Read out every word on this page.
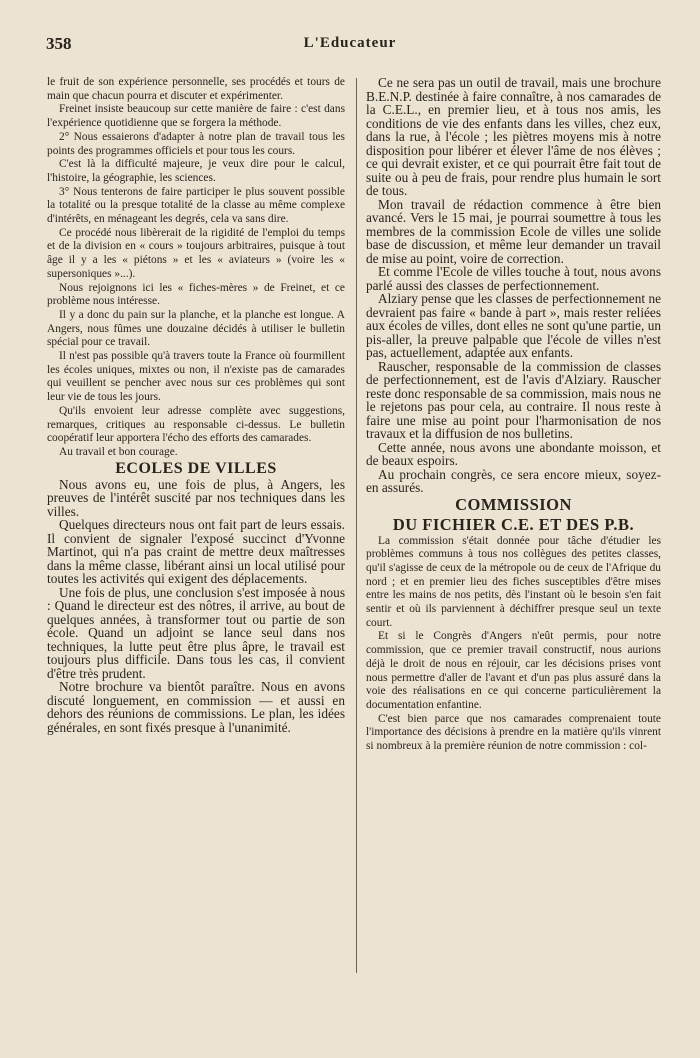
358	L'Educateur

le fruit de son expérience personnelle, ses procédés et tours de main que chacun pourra et discuter et expérimenter.

Freinet insiste beaucoup sur cette manière de faire : c'est dans l'expérience quotidienne que se forgera la méthode.

2° Nous essaierons d'adapter à notre plan de travail tous les points des programmes officiels et pour tous les cours.

C'est là la difficulté majeure, je veux dire pour le calcul, l'histoire, la géographie, les sciences.

3° Nous tenterons de faire participer le plus souvent possible la totalité ou la presque totalité de la classe au même complexe d'intérêts, en ménageant les degrés, cela va sans dire.

Ce procédé nous libèrerait de la rigidité de l'emploi du temps et de la division en « cours » toujours arbitraires, puisque à tout âge il y a les « piétons » et les « aviateurs » (voire les « supersoniques »...).

Nous rejoignons ici les « fiches-mères » de Freinet, et ce problème nous intéresse.

Il y a donc du pain sur la planche, et la planche est longue. A Angers, nous fûmes une douzaine décidés à utiliser le bulletin spécial pour ce travail.

Il n'est pas possible qu'à travers toute la France où fourmillent les écoles uniques, mixtes ou non, il n'existe pas de camarades qui veuillent se pencher avec nous sur ces problèmes qui sont leur vie de tous les jours.

Qu'ils envoient leur adresse complète avec suggestions, remarques, critiques au responsable ci-dessus. Le bulletin coopératif leur apportera l'écho des efforts des camarades.

Au travail et bon courage.

ECOLES DE VILLES

Nous avons eu, une fois de plus, à Angers, les preuves de l'intérêt suscité par nos techniques dans les villes.

Quelques directeurs nous ont fait part de leurs essais. Il convient de signaler l'exposé succinct d'Yvonne Martinot, qui n'a pas craint de mettre deux maîtresses dans la même classe, libérant ainsi un local utilisé pour toutes les activités qui exigent des déplacements.

Une fois de plus, une conclusion s'est imposée à nous : Quand le directeur est des nôtres, il arrive, au bout de quelques années, à transformer tout ou partie de son école. Quand un adjoint se lance seul dans nos techniques, la lutte peut être plus âpre, le travail est toujours plus difficile. Dans tous les cas, il convient d'être très prudent.

Notre brochure va bientôt paraître. Nous en avons discuté longuement, en commission — et aussi en dehors des réunions de commissions. Le plan, les idées générales, en sont fixés presque à l'unanimité.

Ce ne sera pas un outil de travail, mais une brochure B.E.N.P. destinée à faire connaître, à nos camarades de la C.E.L., en premier lieu, et à tous nos amis, les conditions de vie des enfants dans les villes, chez eux, dans la rue, à l'école ; les piètres moyens mis à notre disposition pour libérer et élever l'âme de nos élèves ; ce qui devrait exister, et ce qui pourrait être fait tout de suite ou à peu de frais, pour rendre plus humain le sort de tous.

Mon travail de rédaction commence à être bien avancé. Vers le 15 mai, je pourrai soumettre à tous les membres de la commission Ecole de villes une solide base de discussion, et même leur demander un travail de mise au point, voire de correction.

Et comme l'Ecole de villes touche à tout, nous avons parlé aussi des classes de perfectionnement.

Alziary pense que les classes de perfectionnement ne devraient pas faire « bande à part », mais rester reliées aux écoles de villes, dont elles ne sont qu'une partie, un pis-aller, la preuve palpable que l'école de villes n'est pas, actuellement, adaptée aux enfants.

Rauscher, responsable de la commission de classes de perfectionnement, est de l'avis d'Alziary. Rauscher reste donc responsable de sa commission, mais nous ne le rejetons pas pour cela, au contraire. Il nous reste à faire une mise au point pour l'harmonisation de nos travaux et la diffusion de nos bulletins.

Cette année, nous avons une abondante moisson, et de beaux espoirs.

Au prochain congrès, ce sera encore mieux, soyez-en assurés.

COMMISSION
DU FICHIER C.E. ET DES P.B.

La commission s'était donnée pour tâche d'étudier les problèmes communs à tous nos collègues des petites classes, qu'il s'agisse de ceux de la métropole ou de ceux de l'Afrique du nord ; et en premier lieu des fiches susceptibles d'être mises entre les mains de nos petits, dès l'instant où le besoin s'en fait sentir et où ils parviennent à déchiffrer presque seul un texte court.

Et si le Congrès d'Angers n'eût permis, pour notre commission, que ce premier travail constructif, nous aurions déjà le droit de nous en réjouir, car les décisions prises vont nous permettre d'aller de l'avant et d'un pas plus assuré dans la voie des réalisations en ce qui concerne particulièrement la documentation enfantine.

C'est bien parce que nos camarades comprenaient toute l'importance des décisions à prendre en la matière qu'ils vinrent si nombreux à la première réunion de notre commission : col-
